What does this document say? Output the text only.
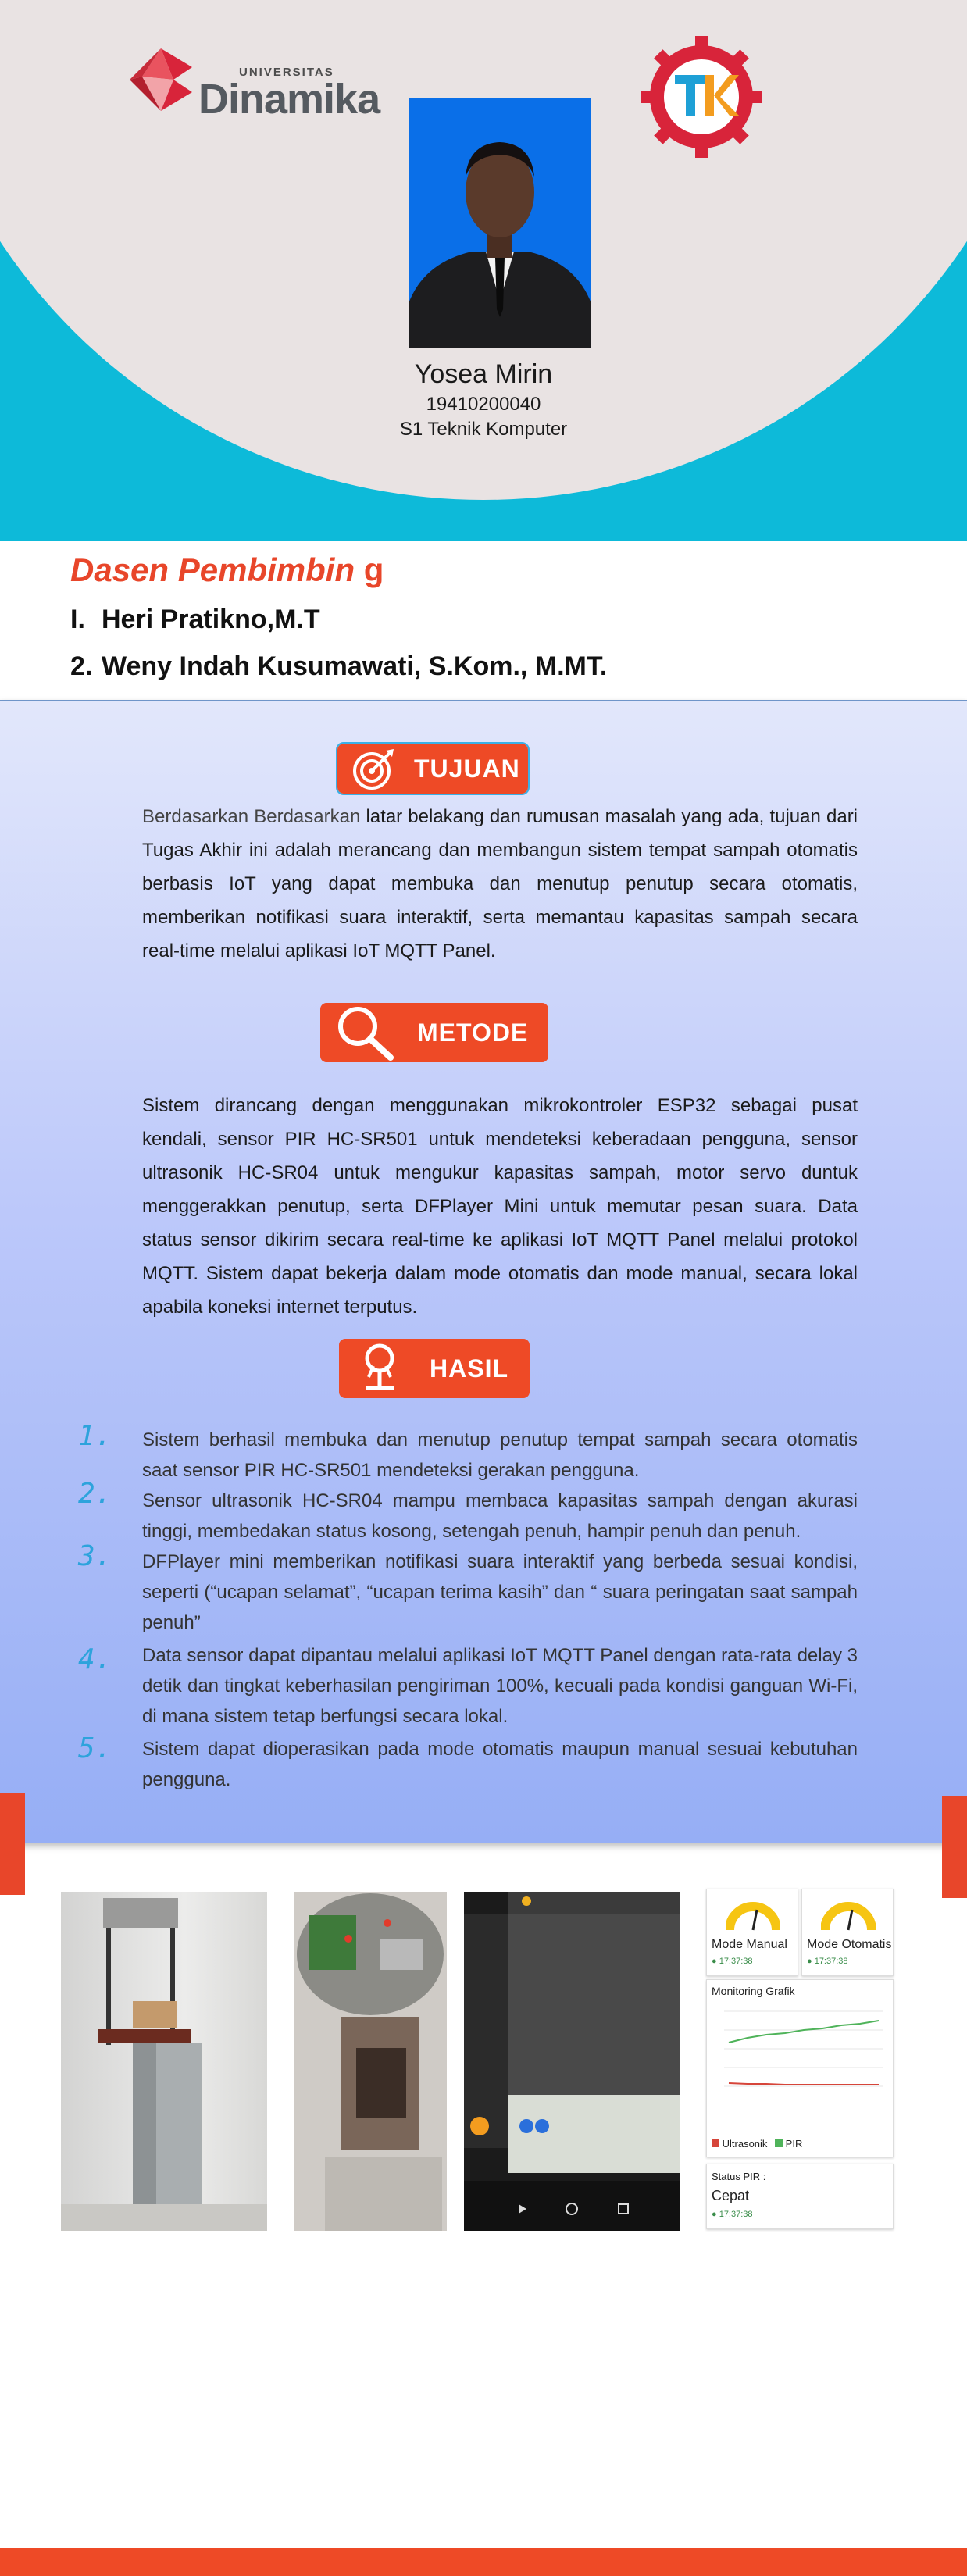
UNIVERSITAS
Dinamika
Yosea Mirin
19410200040
S1 Teknik Komputer
Dasen Pembimbin g
I. Heri Pratikno,M.T
2. Weny Indah Kusumawati, S.Kom., M.MT.
TUJUAN
Berdasarkan Berdasarkan latar belakang dan rumusan masalah yang ada, tujuan dari Tugas Akhir ini adalah merancang dan membangun sistem tempat sampah otomatis berbasis IoT yang dapat membuka dan menutup penutup secara otomatis, memberikan notifikasi suara interaktif, serta memantau kapasitas sampah secara real-time melalui aplikasi IoT MQTT Panel.
METODE
Sistem dirancang dengan menggunakan mikrokontroler ESP32 sebagai pusat kendali, sensor PIR HC-SR501 untuk mendeteksi keberadaan pengguna, sensor ultrasonik HC-SR04 untuk mengukur kapasitas sampah, motor servo duntuk menggerakkan penutup, serta DFPlayer Mini untuk memutar pesan suara. Data status sensor dikirim secara real-time ke aplikasi IoT MQTT Panel melalui protokol MQTT. Sistem dapat bekerja dalam mode otomatis dan mode manual, secara lokal apabila koneksi internet terputus.
HASIL
1.	Sistem berhasil membuka dan menutup penutup tempat sampah secara otomatis saat sensor PIR HC-SR501 mendeteksi gerakan pengguna.
2.	Sensor ultrasonik HC-SR04 mampu membaca kapasitas sampah dengan akurasi tinggi, membedakan status kosong, setengah penuh, hampir penuh dan penuh.
3.	DFPlayer mini memberikan notifikasi suara interaktif yang berbeda sesuai kondisi, seperti (“ucapan selamat”, “ucapan terima kasih” dan “ suara peringatan saat sampah penuh”
4.	Data sensor dapat dipantau melalui aplikasi IoT MQTT Panel dengan rata-rata delay 3 detik dan tingkat keberhasilan pengiriman 100%, kecuali pada kondisi ganguan Wi-Fi, di mana sistem tetap berfungsi secara lokal.
5.	Sistem dapat dioperasikan pada mode otomatis maupun manual sesuai kebutuhan pengguna.
Mode Manual
● 17:37:38
Mode Otomatis
● 17:37:38
Monitoring Grafik
Ultrasonik PIR
Status PIR :
Cepat
● 17:37:38
